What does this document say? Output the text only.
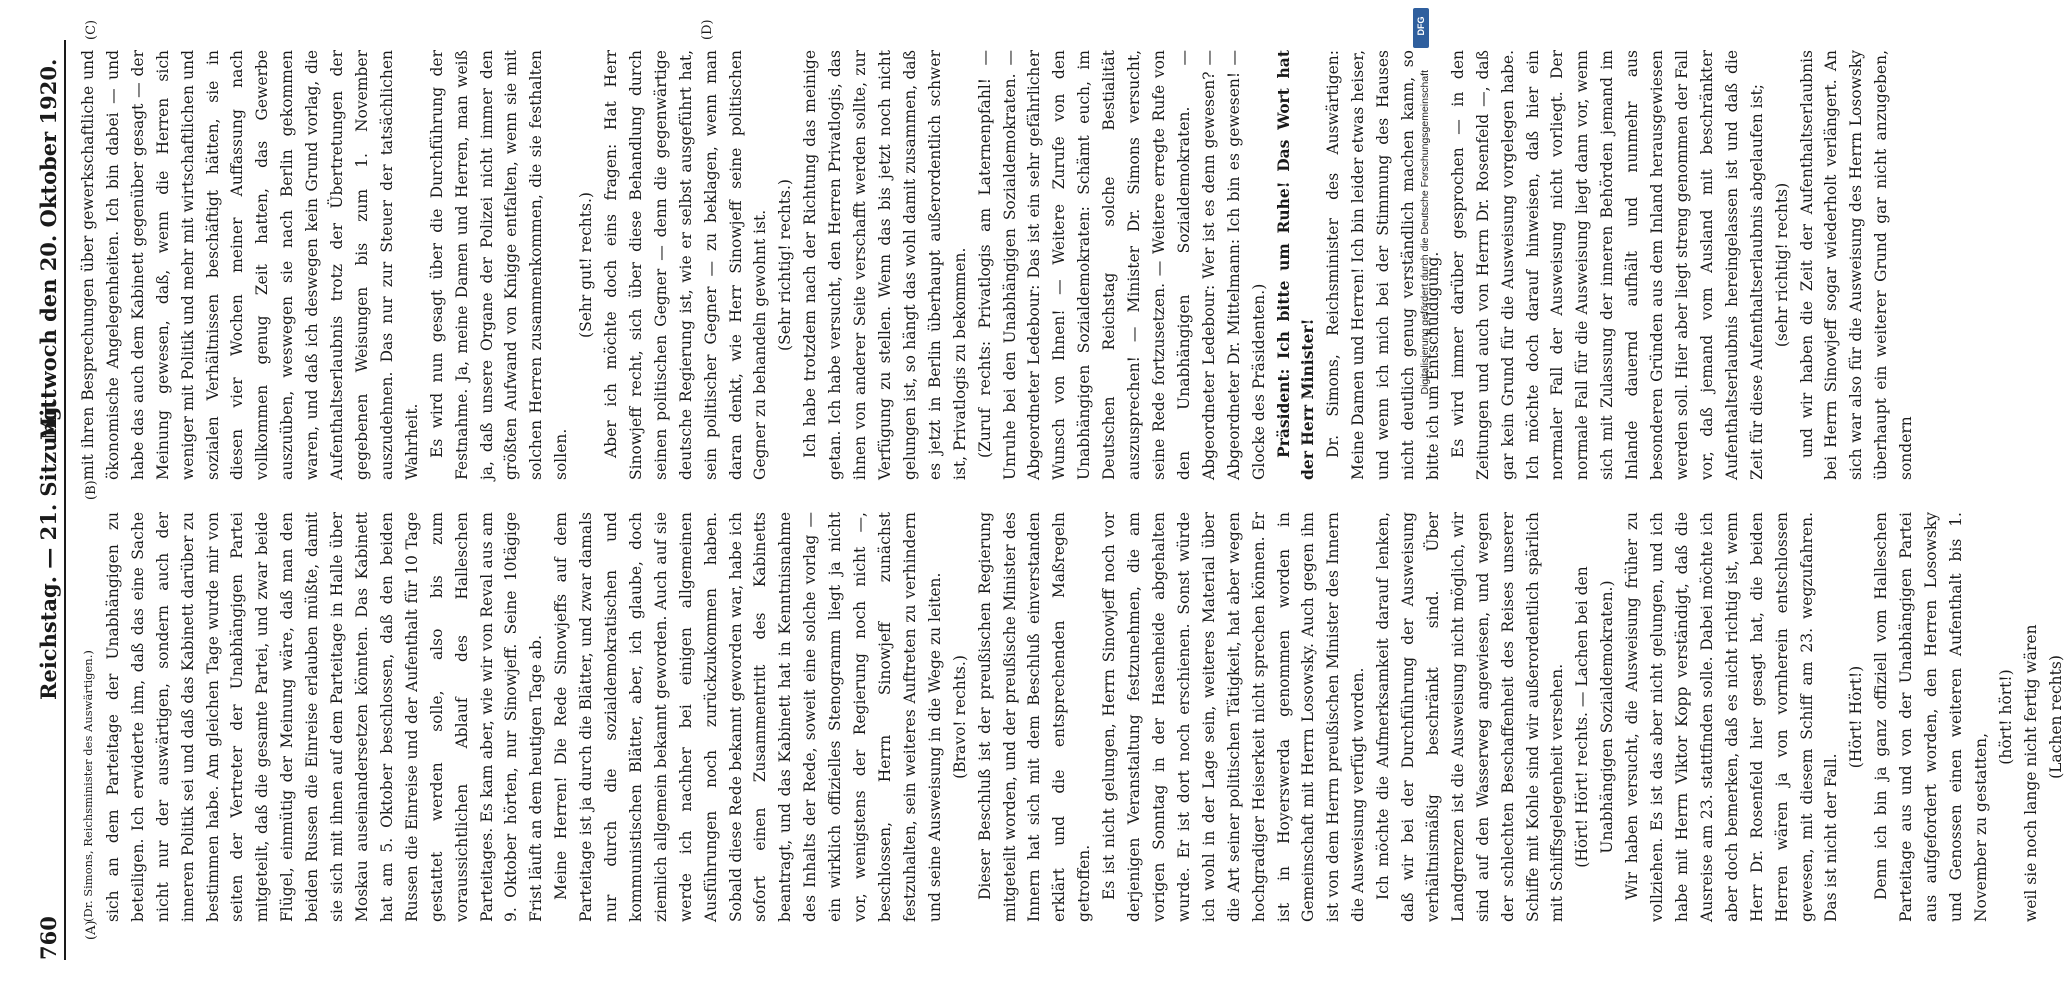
760
Reichstag. — 21. Sitzung.
Mittwoch den 20. Oktober 1920.
(A)
(B)
(C)	(D)

(Dr. Simons, Reichsminister des Auswärtigen.) sich an dem Parteitage der Unabhängigen zu beteiligen. Ich erwiderte ihm, daß das eine Sache nicht nur der auswärtigen, sondern auch der inneren Politik sei und daß das Kabinett darüber zu bestimmen habe. Am gleichen Tage wurde mir von seiten der Vertreter der Unabhängigen Partei mitgeteilt, daß die gesamte Partei, und zwar beide Flügel, einmütig der Meinung wäre, daß man den beiden Russen die Einreise erlauben müßte, damit sie sich mit ihnen auf dem Parteitage in Halle über Moskau auseinandersetzen könnten. Das Kabinett hat am 5. Oktober beschlossen, daß den beiden Russen die Einreise und der Aufenthalt für 10 Tage gestattet werden solle, also bis zum voraussichtlichen Ablauf des Halleschen Parteitages. Es kam aber, wie wir von Reval aus am 9. Oktober hörten, nur Sinowjeff. Seine 10tägige Frist läuft an dem heutigen Tage ab. Meine Herren! Die Rede Sinowjeffs auf dem Parteitage ist ja durch die Blätter, und zwar damals nur durch die sozialdemokratischen und kommunistischen Blätter, aber, ich glaube, doch ziemlich allgemein bekannt geworden. Auch auf sie werde ich nachher bei einigen allgemeinen Ausführungen noch zurückzukommen haben. Sobald diese Rede bekannt geworden war, habe ich sofort einen Zusammentritt des Kabinetts beantragt, und das Kabinett hat in Kenntnisnahme des Inhalts der Rede, soweit eine solche vorlag — ein wirklich offizielles Stenogramm liegt ja nicht vor, wenigstens der Regierung noch nicht —, beschlossen, Herrn Sinowjeff zunächst festzuhalten, sein weiteres Auftreten zu verhindern und seine Ausweisung in die Wege zu leiten. (Bravo! rechts.) Dieser Beschluß ist der preußischen Regierung mitgeteilt worden, und der preußische Minister des Innern hat sich mit dem Beschluß einverstanden erklärt und die entsprechenden Maßregeln getroffen. Es ist nicht gelungen, Herrn Sinowjeff noch vor derjenigen Veranstaltung festzunehmen, die am vorigen Sonntag in der Hasenheide abgehalten wurde. Er ist dort noch erschienen. Sonst würde ich wohl in der Lage sein, weiteres Material über die Art seiner politischen Tätigkeit, hat aber wegen hochgradiger Heiserkeit nicht sprechen können. Er ist in Hoyerswerda genommen worden in Gemeinschaft mit Herrn Losowsky. Auch gegen ihn ist von dem Herrn preußischen Minister des Innern die Ausweisung verfügt worden. Ich möchte die Aufmerksamkeit darauf lenken, daß wir bei der Durchführung der Ausweisung verhältnismäßig beschränkt sind. Über Landgrenzen ist die Ausweisung nicht möglich, wir sind auf den Wasserweg angewiesen, und wegen der schlechten Beschaffenheit des Reises unserer Schiffe mit Kohle sind wir außerordentlich spärlich mit Schiffsgelegenheit versehen. (Hört! Hört! rechts. — Lachen bei den Unabhängigen Sozialdemokraten.) Wir haben versucht, die Ausweisung früher zu vollziehen. Es ist das aber nicht gelungen, und ich habe mit Herrn Viktor Kopp verständigt, daß die Ausreise am 23. stattfinden solle. Dabei möchte ich aber doch bemerken, daß es nicht richtig ist, wenn Herr Dr. Rosenfeld hier gesagt hat, die beiden Herren wären ja von vornherein entschlossen gewesen, mit diesem Schiff am 23. wegzufahren. Das ist nicht der Fall.

(Hört! Hört!) Denn ich bin ja ganz offiziell vom Halleschen Parteitage aus und von der Unabhängigen Partei aus aufgefordert worden, den Herren Losowsky und Genossen einen weiteren Aufenthalt bis 1. November zu gestatten,

(hört! hört!) weil sie noch lange nicht fertig wären (Lachen rechts)

mit ihren Besprechungen über gewerkschaftliche und ökonomische Angelegenheiten. Ich bin dabei — und habe das auch dem Kabinett gegenüber gesagt — der Meinung gewesen, daß, wenn die Herren sich weniger mit Politik und mehr mit wirtschaftlichen und sozialen Verhältnissen beschäftigt hätten, sie in diesen vier Wochen meiner Auffassung nach vollkommen genug Zeit hatten, das Gewerbe auszuüben, weswegen sie nach Berlin gekommen waren, und daß ich deswegen kein Grund vorlag, die Aufenthaltserlaubnis trotz der Übertretungen der gegebenen Weisungen bis zum 1. November auszudehnen. Das nur zur Steuer der tatsächlichen Wahrheit. Es wird nun gesagt über die Durchführung der Festnahme. Ja, meine Damen und Herren, man weiß ja, daß unsere Organe der Polizei nicht immer den größten Aufwand von Knigge entfalten, wenn sie mit solchen Herren zusammenkommen, die sie festhalten sollen.

(Sehr gut! rechts.) Aber ich möchte doch eins fragen: Hat Herr Sinowjeff recht, sich über diese Behandlung durch seinen politischen Gegner — denn die gegenwärtige deutsche Regierung ist, wie er selbst ausgeführt hat, sein politischer Gegner — zu beklagen, wenn man daran denkt, wie Herr Sinowjeff seine politischen Gegner zu behandeln gewohnt ist. (Sehr richtig! rechts.) Ich habe trotzdem nach der Richtung das meinige getan. Ich habe versucht, den Herren Privatlogis, das ihnen von anderer Seite verschafft werden sollte, zur Verfügung zu stellen. Wenn das bis jetzt noch nicht gelungen ist, so hängt das wohl damit zusammen, daß es jetzt in Berlin überhaupt außerordentlich schwer ist, Privatlogis zu bekommen. (Zuruf rechts: Privatlogis am Laternenpfahl! — Unruhe bei den Unabhängigen Sozialdemokraten. — Abgeordneter Ledebour: Das ist ein sehr gefährlicher Wunsch von Ihnen! — Weitere Zurufe von den Unabhängigen Sozialdemokraten: Schämt euch, im Deutschen Reichstag solche Bestialität auszusprechen! — Minister Dr. Simons versucht, seine Rede fortzusetzen. — Weitere erregte Rufe von den Unabhängigen Sozialdemokraten. — Abgeordneter Ledebour: Wer ist es denn gewesen? — Abgeordneter Dr. Mittelmann: Ich bin es gewesen! — Glocke des Präsidenten.) Präsident: Ich bitte um Ruhe! Das Wort hat der Herr Minister! Dr. Simons, Reichsminister des Auswärtigen: Meine Damen und Herren! Ich bin leider etwas heiser, und wenn ich mich bei der Stimmung des Hauses nicht deutlich genug verständlich machen kann, so bitte ich um Entschuldigung. Es wird immer darüber gesprochen — in den Zeitungen und auch von Herrn Dr. Rosenfeld —, daß gar kein Grund für die Ausweisung vorgelegen habe. Ich möchte doch darauf hinweisen, daß hier ein normaler Fall der Ausweisung nicht vorliegt. Der normale Fall für die Ausweisung liegt dann vor, wenn sich mit Zulassung der inneren Behörden jemand im Inlande dauernd aufhält und nunmehr aus besonderen Gründen aus dem Inland herausgewiesen werden soll. Hier aber liegt streng genommen der Fall vor, daß jemand vom Ausland mit beschränkter Aufenthaltserlaubnis hereingelassen ist und daß die Zeit für diese Aufenthaltserlaubnis abgelaufen ist; (sehr richtig! rechts) und wir haben die Zeit der Aufenthaltserlaubnis bei Herrn Sinowjeff sogar wiederholt verlängert. An sich war also für die Ausweisung des Herrn Losowsky überhaupt ein weiterer Grund gar nicht anzugeben, sondern

DFG
Digitalisierung gefördert durch die Deutsche Forschungsgemeinschaft
